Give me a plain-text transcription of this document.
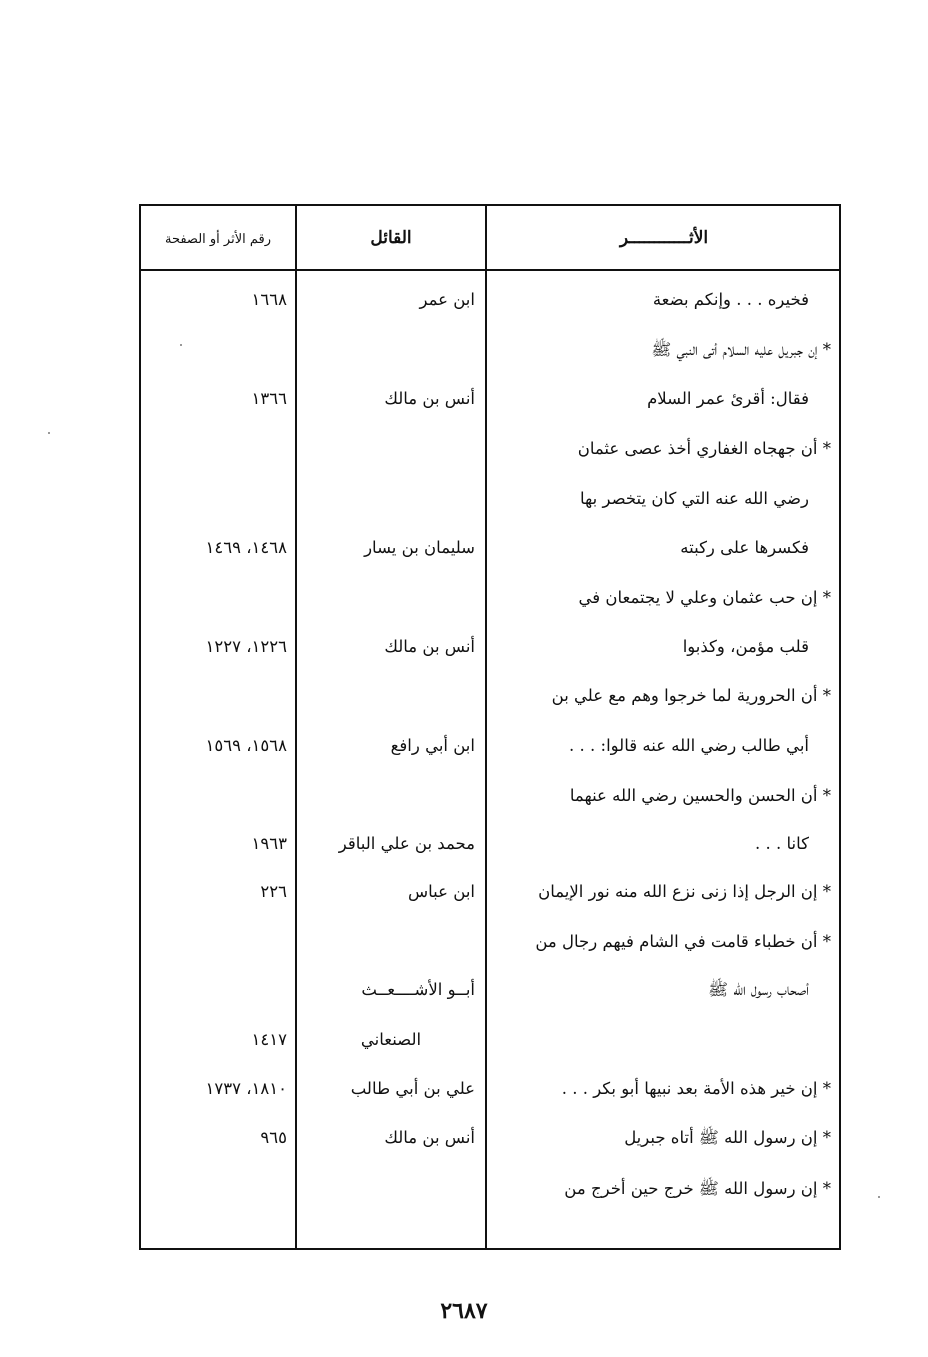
الأثــــــــــــر
القائل
رقم الأثر أو الصفحة
فخيره . . . وإنكم بضعة
* إن جبريل عليه السلام أتى النبي ﷺ
فقال: أقرئ عمر السلام
* أن جهجاه الغفاري أخذ عصى عثمان
رضي الله عنه التي كان يتخصر بها
فكسرها على ركبته
* إن حب عثمان وعلي لا يجتمعان في
قلب مؤمن، وكذبوا
* أن الحرورية لما خرجوا وهم مع علي بن
أبي طالب رضي الله عنه قالوا: . . .
* أن الحسن والحسين رضي الله عنهما
كانا . . .
* إن الرجل إذا زنى نزع الله منه نور الإيمان
* أن خطباء قامت في الشام فيهم رجال من
أصحاب رسول الله ﷺ
* إن خير هذه الأمة بعد نبيها أبو بكر . . .
* إن رسول الله ﷺ أتاه جبريل
* إن رسول الله ﷺ خرج حين أخرج من
ابن عمر
أنس بن مالك
سليمان بن يسار
أنس بن مالك
ابن أبي رافع
محمد بن علي الباقر
ابن عباس
أبــو الأشــــعــث
الصنعاني
علي بن أبي طالب
أنس بن مالك
١٦٦٨
١٣٦٦
١٤٦٨، ١٤٦٩
١٢٢٦، ١٢٢٧
١٥٦٨، ١٥٦٩
١٩٦٣
٢٢٦
١٤١٧
١٨١٠، ١٧٣٧
٩٦٥
٢٦٨٧
